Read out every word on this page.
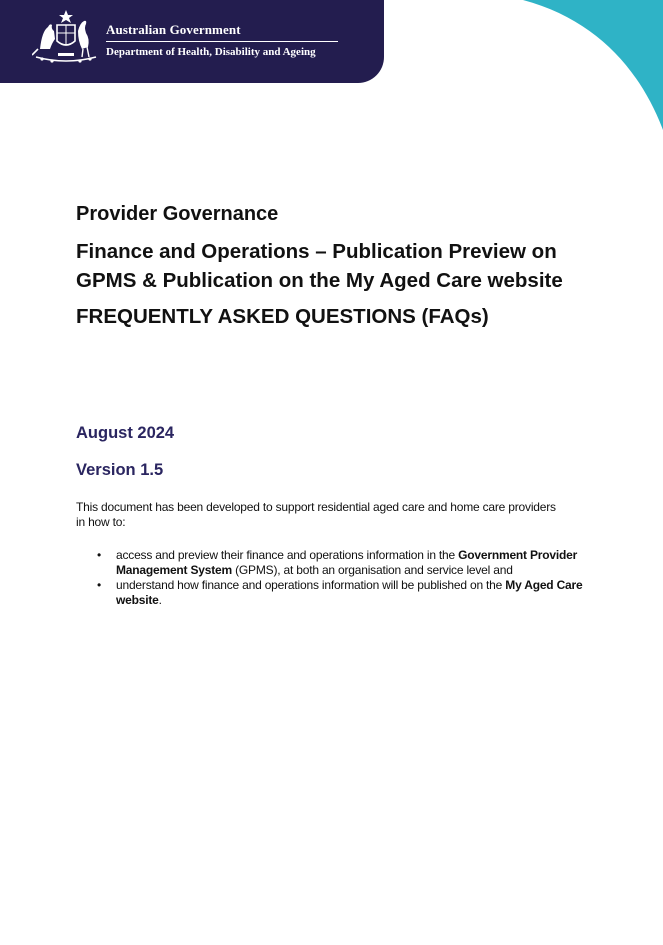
Australian Government
Department of Health, Disability and Ageing
Provider Governance
Finance and Operations – Publication Preview on GPMS & Publication on the My Aged Care website
FREQUENTLY ASKED QUESTIONS (FAQs)

August 2024

Version 1.5

This document has been developed to support residential aged care and home care providers in how to:

• access and preview their finance and operations information in the Government Provider Management System (GPMS), at both an organisation and service level and
• understand how finance and operations information will be published on the My Aged Care website.
